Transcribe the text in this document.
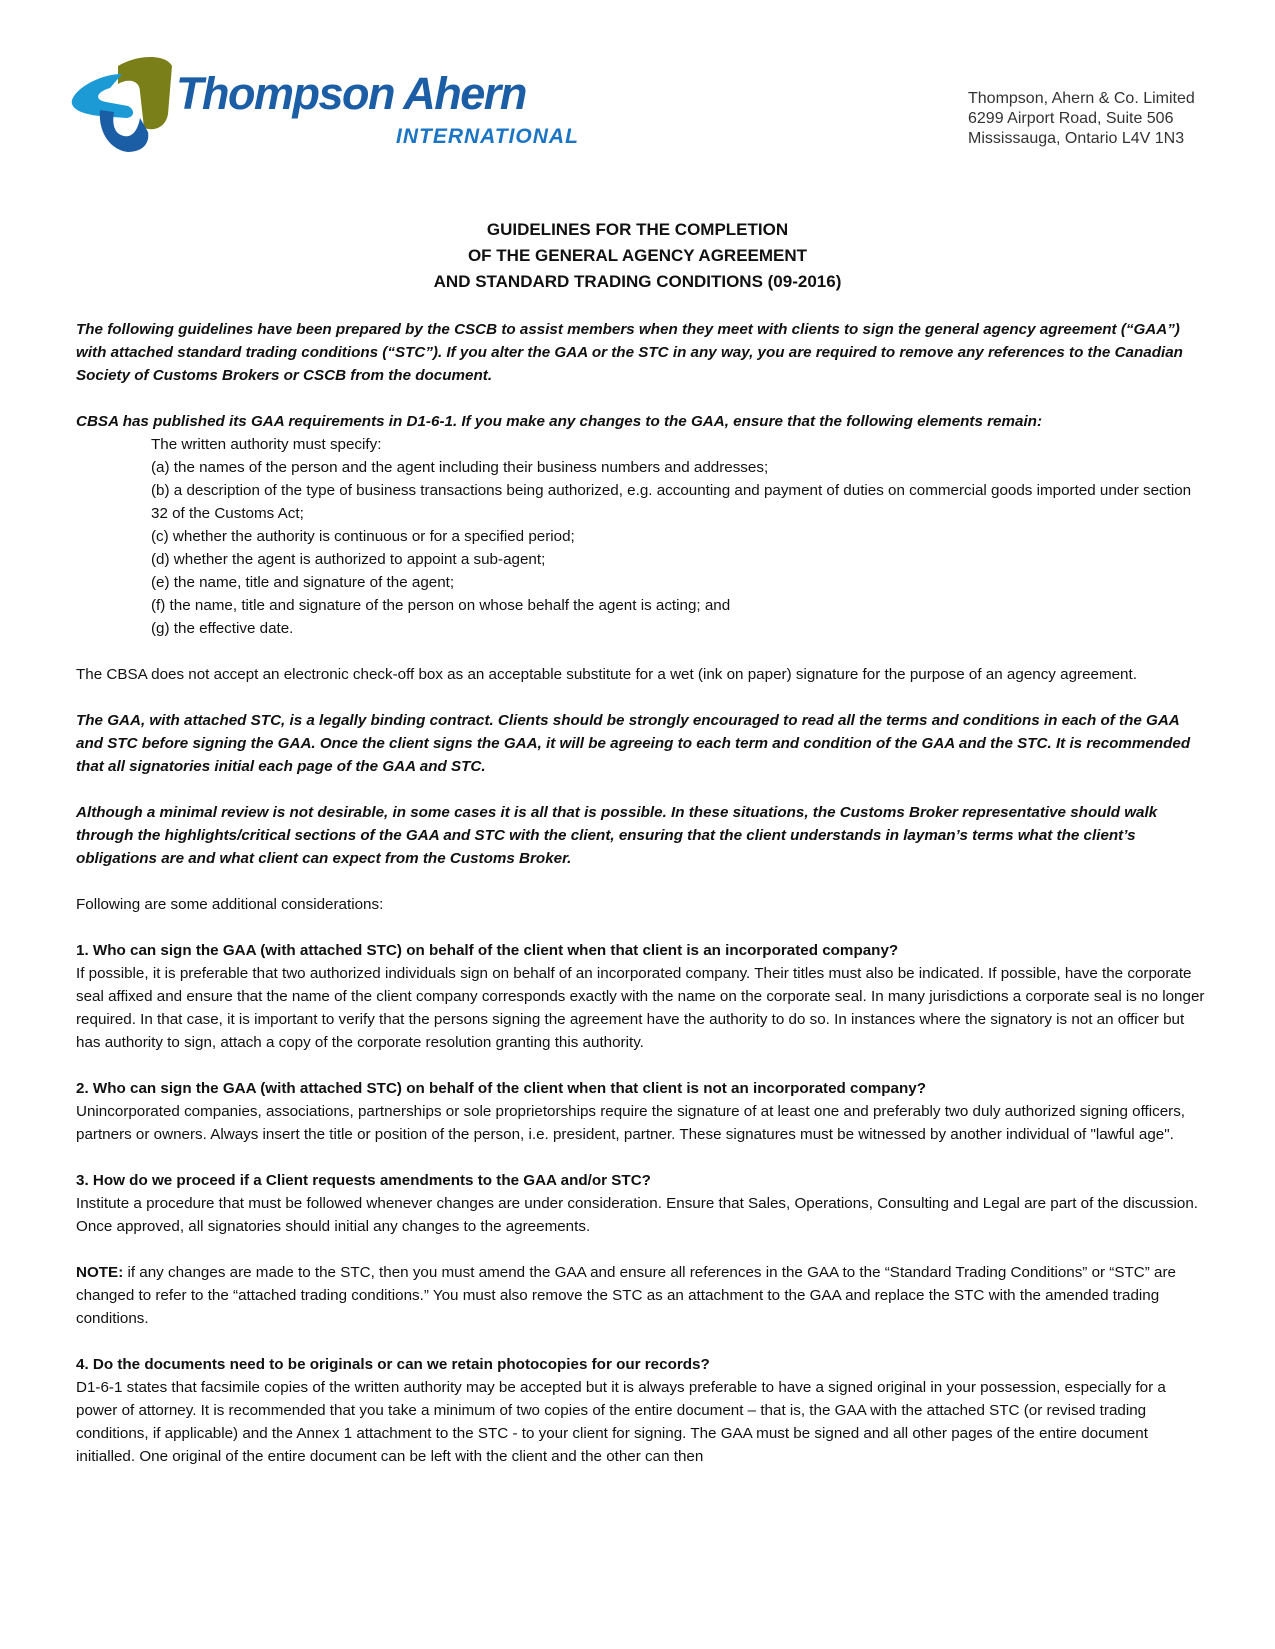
Thompson Ahern
INTERNATIONAL
Thompson, Ahern & Co. Limited
6299 Airport Road, Suite 506
Mississauga, Ontario L4V 1N3
GUIDELINES FOR THE COMPLETION
OF THE GENERAL AGENCY AGREEMENT
AND STANDARD TRADING CONDITIONS (09-2016)

The following guidelines have been prepared by the CSCB to assist members when they meet with clients to sign the general agency agreement (“GAA”) with attached standard trading conditions (“STC”). If you alter the GAA or the STC in any way, you are required to remove any references to the Canadian Society of Customs Brokers or CSCB from the document.

CBSA has published its GAA requirements in D1-6-1. If you make any changes to the GAA, ensure that the following elements remain:

The written authority must specify:
(a) the names of the person and the agent including their business numbers and addresses;
(b) a description of the type of business transactions being authorized, e.g. accounting and payment of duties on commercial goods imported under section 32 of the Customs Act;
(c) whether the authority is continuous or for a specified period;
(d) whether the agent is authorized to appoint a sub-agent;
(e) the name, title and signature of the agent;
(f) the name, title and signature of the person on whose behalf the agent is acting; and
(g) the effective date.

The CBSA does not accept an electronic check-off box as an acceptable substitute for a wet (ink on paper) signature for the purpose of an agency agreement.

The GAA, with attached STC, is a legally binding contract. Clients should be strongly encouraged to read all the terms and conditions in each of the GAA and STC before signing the GAA. Once the client signs the GAA, it will be agreeing to each term and condition of the GAA and the STC. It is recommended that all signatories initial each page of the GAA and STC.

Although a minimal review is not desirable, in some cases it is all that is possible. In these situations, the Customs Broker representative should walk through the highlights/critical sections of the GAA and STC with the client, ensuring that the client understands in layman’s terms what the client’s obligations are and what client can expect from the Customs Broker.

Following are some additional considerations:

1. Who can sign the GAA (with attached STC) on behalf of the client when that client is an incorporated company?

If possible, it is preferable that two authorized individuals sign on behalf of an incorporated company. Their titles must also be indicated. If possible, have the corporate seal affixed and ensure that the name of the client company corresponds exactly with the name on the corporate seal. In many jurisdictions a corporate seal is no longer required. In that case, it is important to verify that the persons signing the agreement have the authority to do so. In instances where the signatory is not an officer but has authority to sign, attach a copy of the corporate resolution granting this authority.

2. Who can sign the GAA (with attached STC) on behalf of the client when that client is not an incorporated company?

Unincorporated companies, associations, partnerships or sole proprietorships require the signature of at least one and preferably two duly authorized signing officers, partners or owners. Always insert the title or position of the person, i.e. president, partner. These signatures must be witnessed by another individual of "lawful age".

3. How do we proceed if a Client requests amendments to the GAA and/or STC?

Institute a procedure that must be followed whenever changes are under consideration. Ensure that Sales, Operations, Consulting and Legal are part of the discussion. Once approved, all signatories should initial any changes to the agreements.

NOTE: if any changes are made to the STC, then you must amend the GAA and ensure all references in the GAA to the “Standard Trading Conditions” or “STC” are changed to refer to the “attached trading conditions.” You must also remove the STC as an attachment to the GAA and replace the STC with the amended trading conditions.

4. Do the documents need to be originals or can we retain photocopies for our records?

D1-6-1 states that facsimile copies of the written authority may be accepted but it is always preferable to have a signed original in your possession, especially for a power of attorney. It is recommended that you take a minimum of two copies of the entire document – that is, the GAA with the attached STC (or revised trading conditions, if applicable) and the Annex 1 attachment to the STC - to your client for signing. The GAA must be signed and all other pages of the entire document initialled. One original of the entire document can be left with the client and the other can then
